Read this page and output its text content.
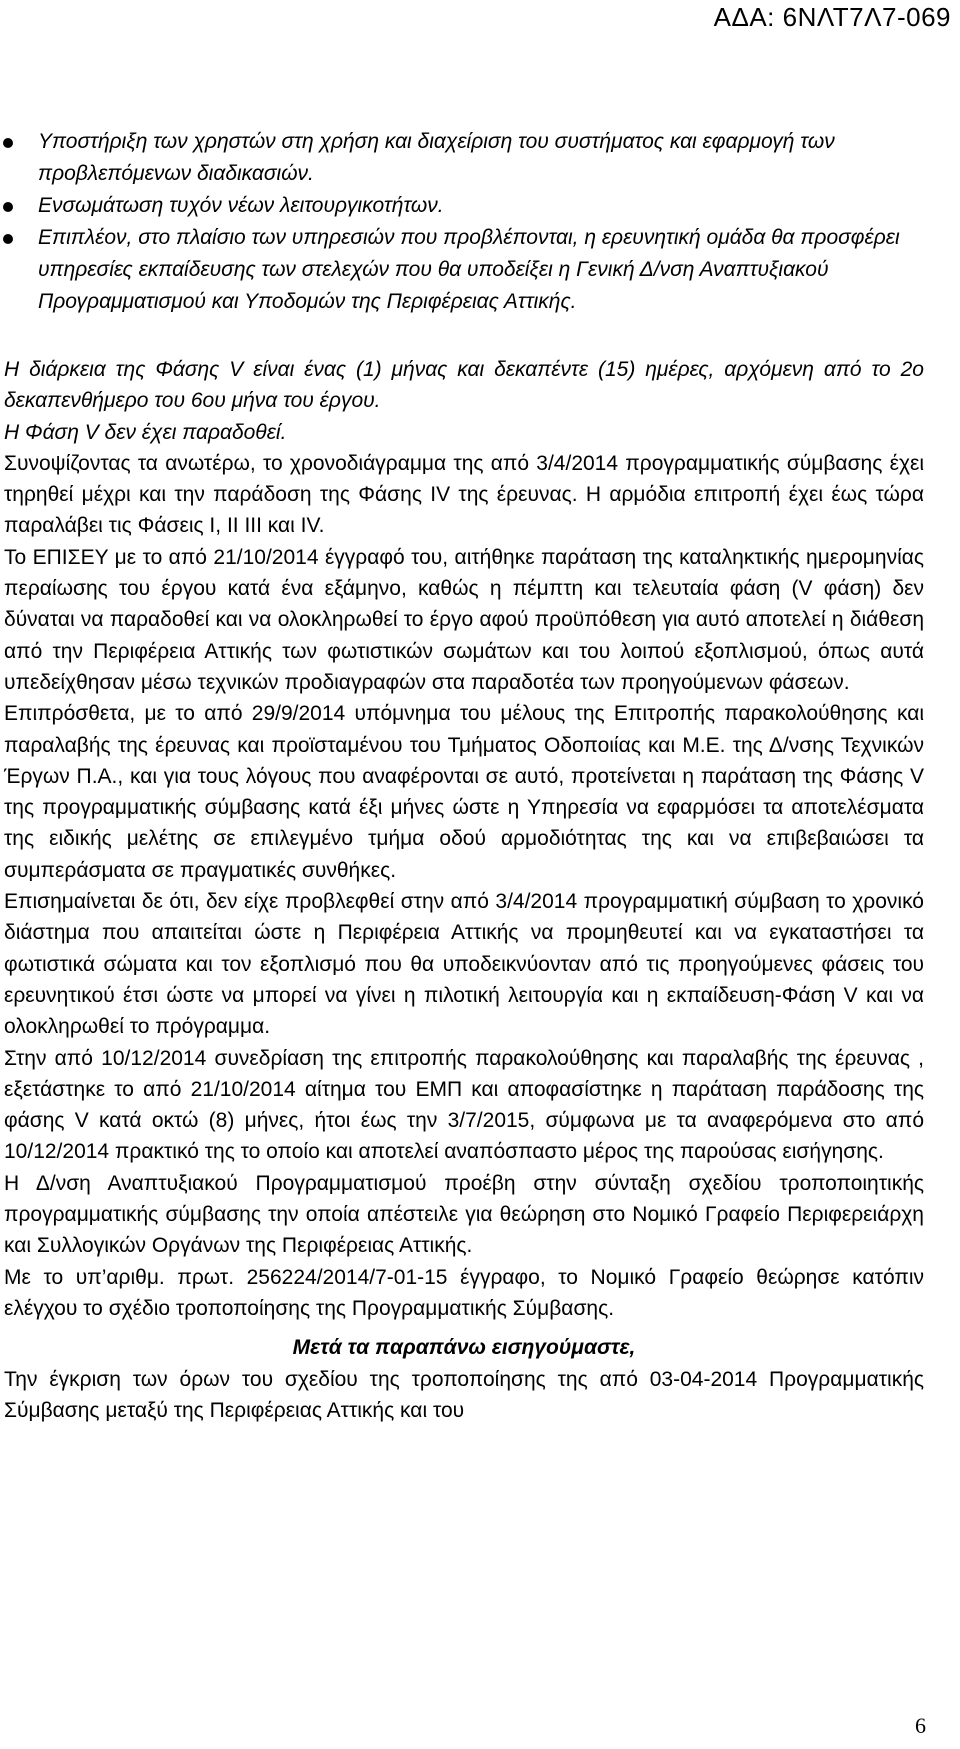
ΑΔΑ: 6ΝΛΤ7Λ7-069
Υποστήριξη των χρηστών στη χρήση και διαχείριση του συστήματος και εφαρμογή των προβλεπόμενων διαδικασιών.
Ενσωμάτωση τυχόν νέων λειτουργικοτήτων.
Επιπλέον, στο πλαίσιο των υπηρεσιών που προβλέπονται, η ερευνητική ομάδα θα προσφέρει υπηρεσίες εκπαίδευσης των στελεχών που θα υποδείξει η Γενική Δ/νση Αναπτυξιακού Προγραμματισμού και Υποδομών της Περιφέρειας Αττικής.

Η διάρκεια της Φάσης V είναι ένας (1) μήνας και δεκαπέντε (15) ημέρες, αρχόμενη από το 2ο δεκαπενθήμερο του 6ου μήνα του έργου.

Η Φάση V δεν έχει παραδοθεί.

Συνοψίζοντας τα ανωτέρω, το χρονοδιάγραμμα της από 3/4/2014 προγραμματικής σύμβασης έχει τηρηθεί μέχρι και την παράδοση της Φάσης IV της έρευνας. Η αρμόδια επιτροπή έχει έως τώρα παραλάβει τις Φάσεις I, II III και IV.

Το ΕΠΙΣΕΥ με το από 21/10/2014 έγγραφό του, αιτήθηκε παράταση της καταληκτικής ημερομηνίας περαίωσης του έργου κατά ένα εξάμηνο, καθώς η πέμπτη και τελευταία φάση (V φάση) δεν δύναται να παραδοθεί και να ολοκληρωθεί το έργο αφού προϋπόθεση για αυτό αποτελεί η διάθεση από την Περιφέρεια Αττικής των φωτιστικών σωμάτων και του λοιπού εξοπλισμού, όπως αυτά υπεδείχθησαν μέσω τεχνικών προδιαγραφών στα παραδοτέα των προηγούμενων φάσεων.

Επιπρόσθετα, με το από 29/9/2014 υπόμνημα του μέλους της Επιτροπής παρακολούθησης και παραλαβής της έρευνας και προϊσταμένου του Τμήματος Οδοποιίας και Μ.Ε. της Δ/νσης Τεχνικών Έργων Π.Α., και για τους λόγους που αναφέρονται σε αυτό, προτείνεται η παράταση της Φάσης V της προγραμματικής σύμβασης κατά έξι μήνες ώστε η Υπηρεσία να εφαρμόσει τα αποτελέσματα της ειδικής μελέτης σε επιλεγμένο τμήμα οδού αρμοδιότητας της και να επιβεβαιώσει τα συμπεράσματα σε πραγματικές συνθήκες.

Επισημαίνεται δε ότι, δεν είχε προβλεφθεί στην από 3/4/2014 προγραμματική σύμβαση το χρονικό διάστημα που απαιτείται ώστε η Περιφέρεια Αττικής να προμηθευτεί και να εγκαταστήσει τα φωτιστικά σώματα και τον εξοπλισμό που θα υποδεικνύονταν από τις προηγούμενες φάσεις του ερευνητικού έτσι ώστε να μπορεί να γίνει η πιλοτική λειτουργία και η εκπαίδευση-Φάση V και να ολοκληρωθεί το πρόγραμμα.

Στην από 10/12/2014 συνεδρίαση της επιτροπής παρακολούθησης και παραλαβής της έρευνας , εξετάστηκε το από 21/10/2014 αίτημα του ΕΜΠ και αποφασίστηκε η παράταση παράδοσης της φάσης V κατά οκτώ (8) μήνες, ήτοι έως την 3/7/2015, σύμφωνα με τα αναφερόμενα στο από 10/12/2014 πρακτικό της το οποίο και αποτελεί αναπόσπαστο μέρος της παρούσας εισήγησης.

Η Δ/νση Αναπτυξιακού Προγραμματισμού προέβη στην σύνταξη σχεδίου τροποποιητικής προγραμματικής σύμβασης την οποία απέστειλε για θεώρηση στο Νομικό Γραφείο Περιφερειάρχη και Συλλογικών Οργάνων της Περιφέρειας Αττικής.

Με το υπ’αριθμ. πρωτ. 256224/2014/7-01-15 έγγραφο, το Νομικό Γραφείο θεώρησε κατόπιν ελέγχου το σχέδιο τροποποίησης της Προγραμματικής Σύμβασης.

Μετά τα παραπάνω εισηγούμαστε,

Την έγκριση των όρων του σχεδίου της τροποποίησης της από 03-04-2014 Προγραμματικής Σύμβασης μεταξύ της Περιφέρειας Αττικής και του

6
